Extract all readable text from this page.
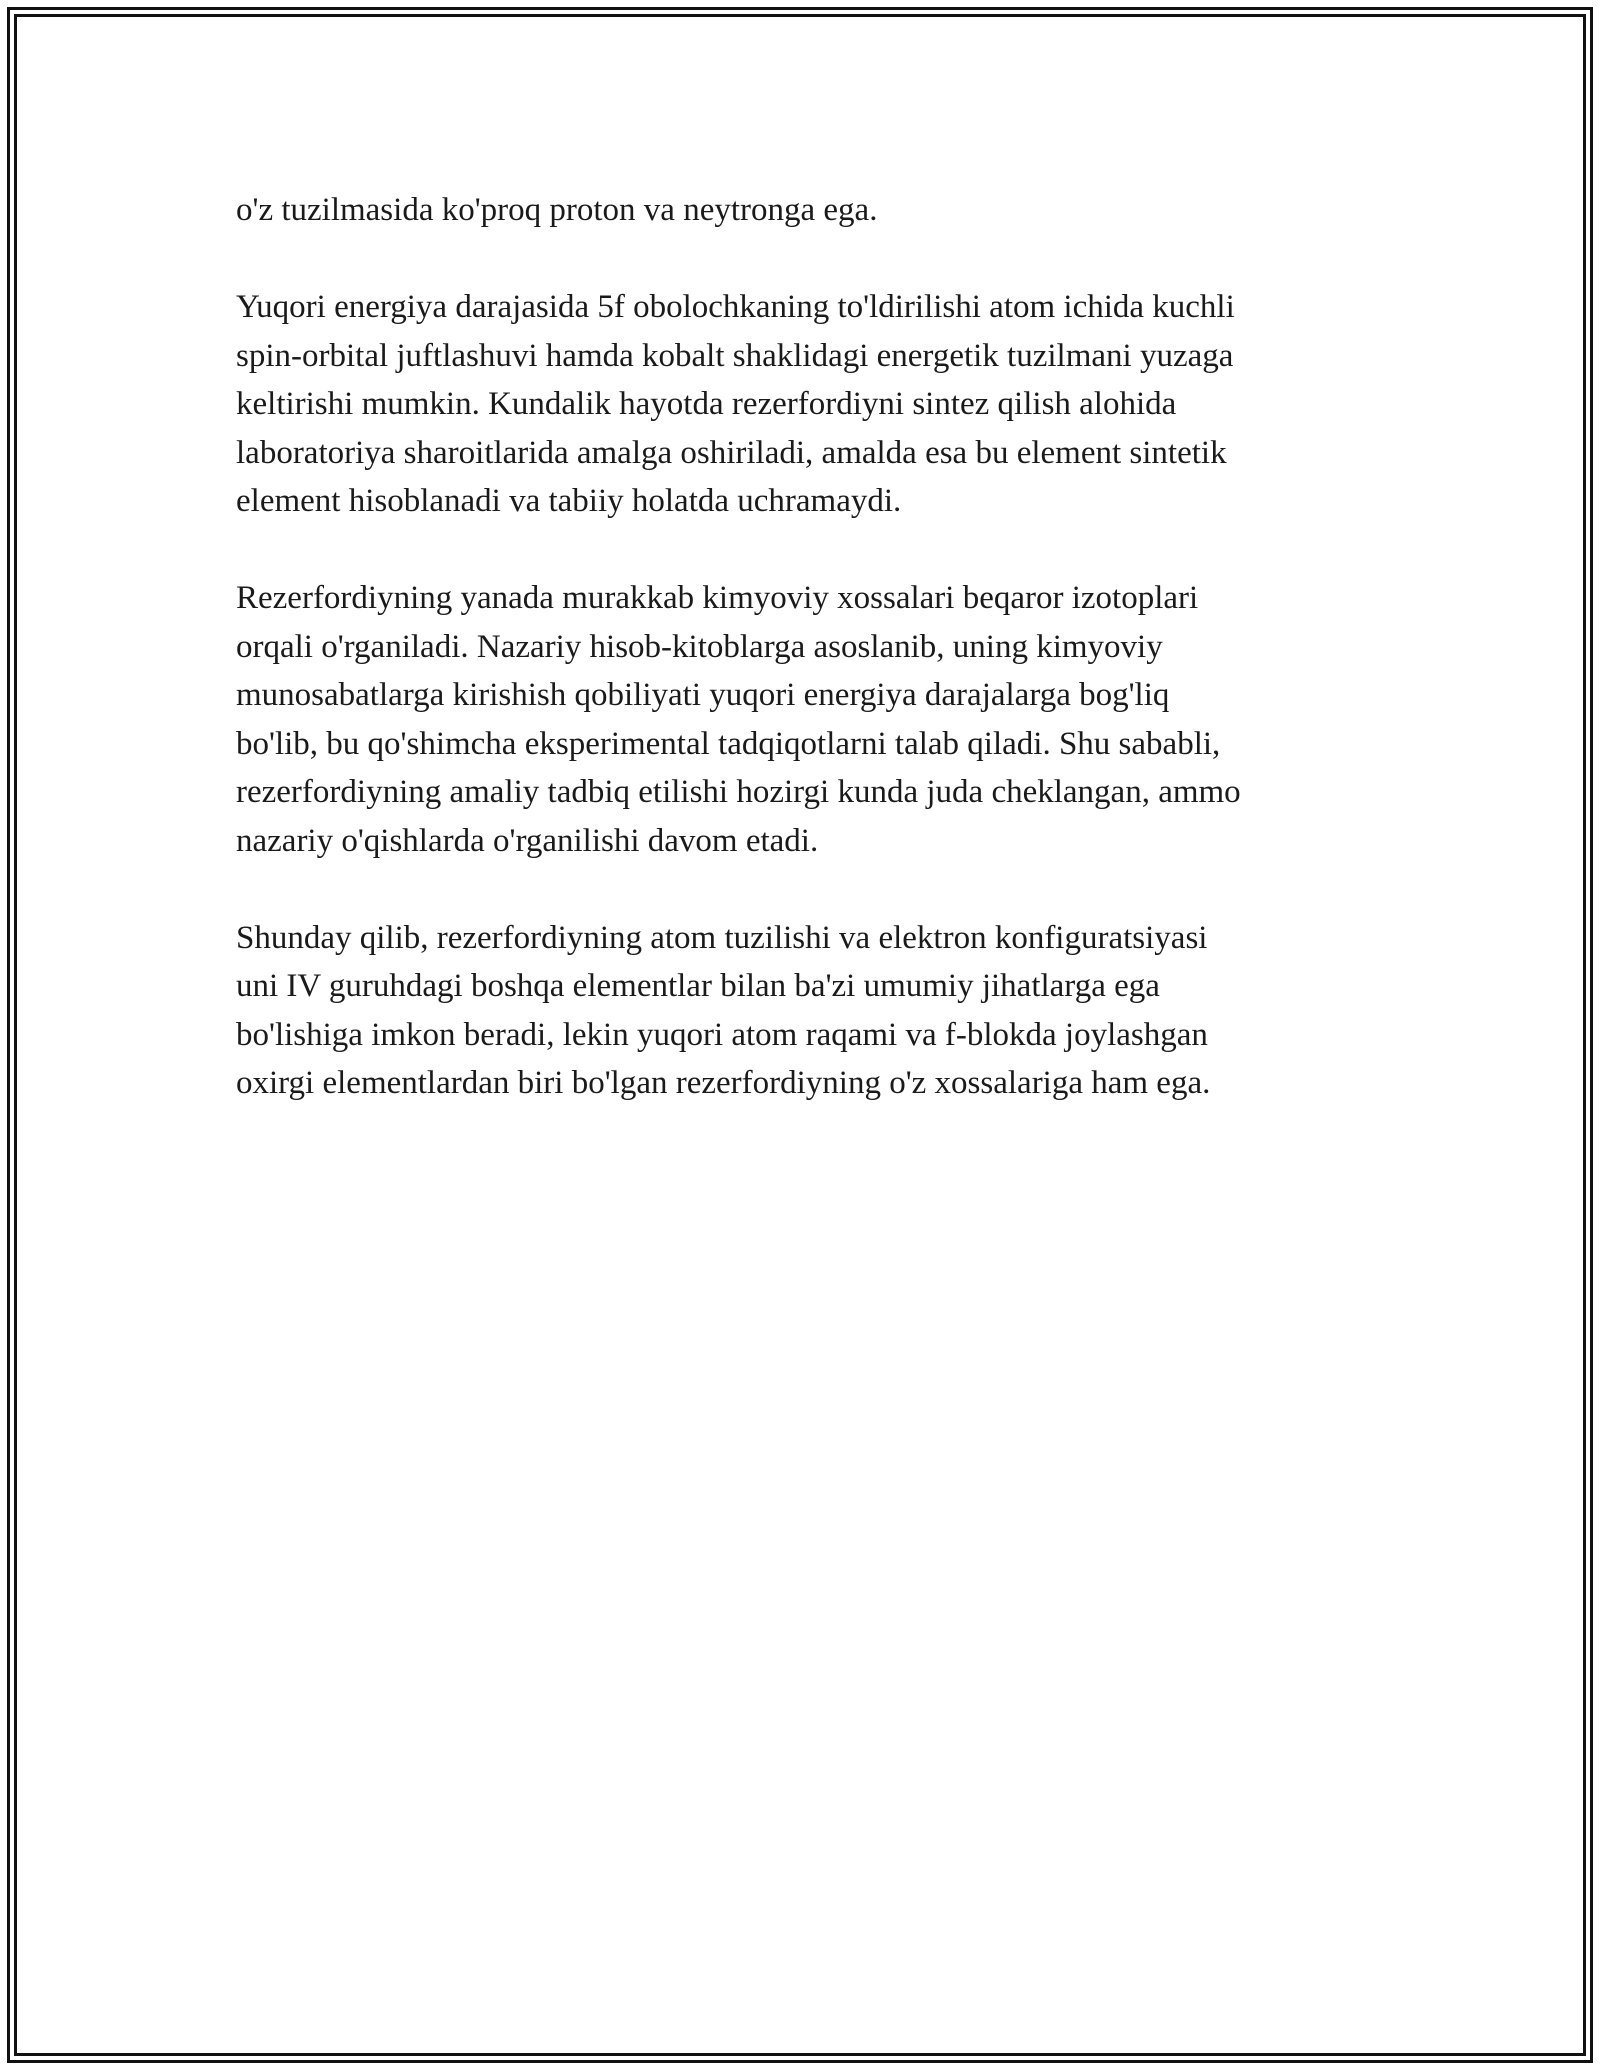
o'z tuzilmasida ko'proq proton va neytronga ega.

Yuqori energiya darajasida 5f obolochkaning to'ldirilishi atom ichida kuchli
spin-orbital juftlashuvi hamda kobalt shaklidagi energetik tuzilmani yuzaga
keltirishi mumkin. Kundalik hayotda rezerfordiyni sintez qilish alohida
laboratoriya sharoitlarida amalga oshiriladi, amalda esa bu element sintetik
element hisoblanadi va tabiiy holatda uchramaydi.

Rezerfordiyning yanada murakkab kimyoviy xossalari beqaror izotoplari
orqali o'rganiladi. Nazariy hisob-kitoblarga asoslanib, uning kimyoviy
munosabatlarga kirishish qobiliyati yuqori energiya darajalarga bog'liq
bo'lib, bu qo'shimcha eksperimental tadqiqotlarni talab qiladi. Shu sababli,
rezerfordiyning amaliy tadbiq etilishi hozirgi kunda juda cheklangan, ammo
nazariy o'qishlarda o'rganilishi davom etadi.

Shunday qilib, rezerfordiyning atom tuzilishi va elektron konfiguratsiyasi
uni IV guruhdagi boshqa elementlar bilan ba'zi umumiy jihatlarga ega
bo'lishiga imkon beradi, lekin yuqori atom raqami va f-blokda joylashgan
oxirgi elementlardan biri bo'lgan rezerfordiyning o'z xossalariga ham ega.
